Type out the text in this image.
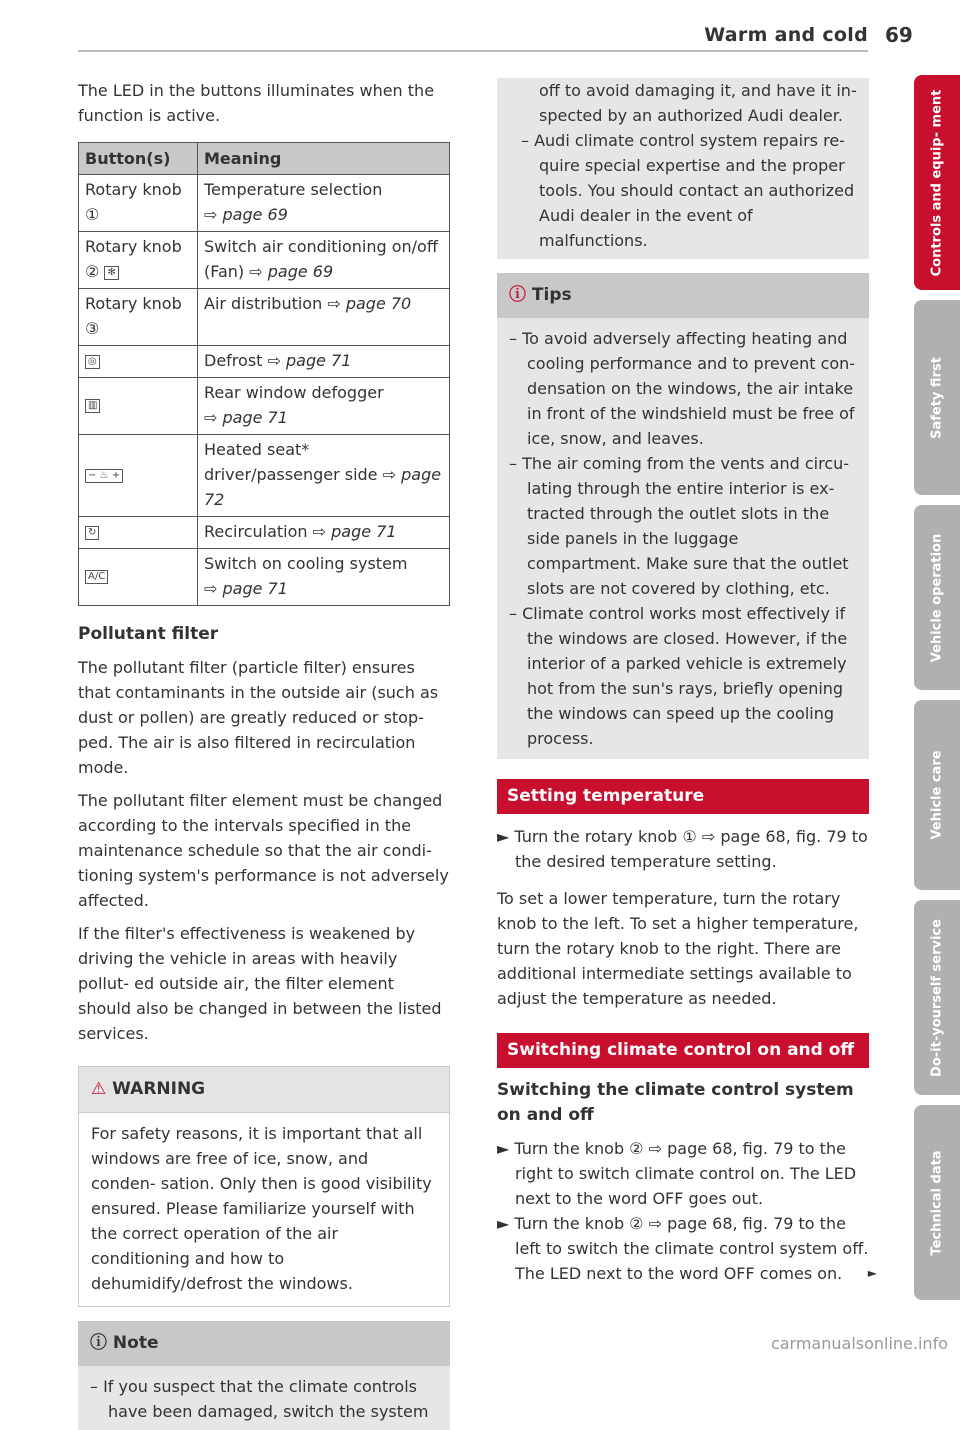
Warm and cold 69

The LED in the buttons illuminates when the function is active.

Button(s)	Meaning
Rotary knob ①	Temperature selection
⇨ page 69
Rotary knob ② ✻	Switch air conditioning on/off (Fan) ⇨ page 69
Rotary knob ③	Air distribution ⇨ page 70
◎	Defrost ⇨ page 71
▥	Rear window defogger
⇨ page 71
− ♨ +	Heated seat* driver/passenger side ⇨ page 72
↻	Recirculation ⇨ page 71
A/C	Switch on cooling system
⇨ page 71

Pollutant filter

The pollutant filter (particle filter) ensures that contaminants in the outside air (such as dust or pollen) are greatly reduced or stop- ped. The air is also filtered in recirculation mode.

The pollutant filter element must be changed according to the intervals specified in the maintenance schedule so that the air condi- tioning system's performance is not adversely affected.

If the filter's effectiveness is weakened by driving the vehicle in areas with heavily pollut- ed outside air, the filter element should also be changed in between the listed services.

⚠ WARNING

For safety reasons, it is important that all windows are free of ice, snow, and conden- sation. Only then is good visibility ensured. Please familiarize yourself with the correct operation of the air conditioning and how to dehumidify/defrost the windows.

ⓘ Note

– If you suspect that the climate controls have been damaged, switch the system

off to avoid damaging it, and have it in- spected by an authorized Audi dealer.

– Audi climate control system repairs re- quire special expertise and the proper tools. You should contact an authorized Audi dealer in the event of malfunctions.

ⓘ Tips

– To avoid adversely affecting heating and cooling performance and to prevent con- densation on the windows, the air intake in front of the windshield must be free of ice, snow, and leaves.

– The air coming from the vents and circu- lating through the entire interior is ex- tracted through the outlet slots in the side panels in the luggage compartment. Make sure that the outlet slots are not covered by clothing, etc.

– Climate control works most effectively if the windows are closed. However, if the interior of a parked vehicle is extremely hot from the sun's rays, briefly opening the windows can speed up the cooling process.

Setting temperature

► Turn the rotary knob ① ⇨ page 68, fig. 79 to the desired temperature setting.

To set a lower temperature, turn the rotary knob to the left. To set a higher temperature, turn the rotary knob to the right. There are additional intermediate settings available to adjust the temperature as needed.

Switching climate control on and off

Switching the climate control system on and off

► Turn the knob ② ⇨ page 68, fig. 79 to the right to switch climate control on. The LED next to the word OFF goes out.

► Turn the knob ② ⇨ page 68, fig. 79 to the left to switch the climate control system off. The LED next to the word OFF comes on.	►
Controls and equip- ment
Safety first
Vehicle operation
Vehicle care
Do-it-yourself service
Technical data
carmanualsonline.info
